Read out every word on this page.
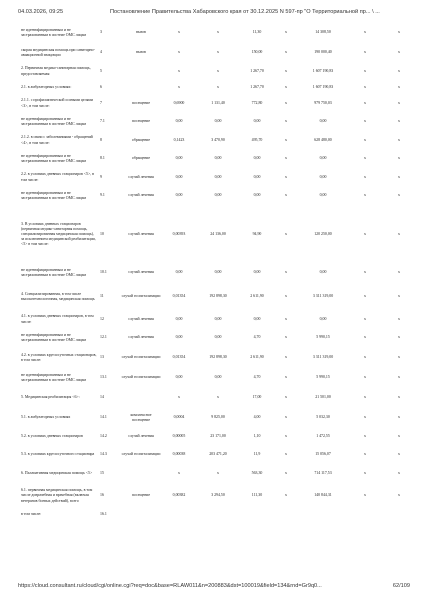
04.03.2026, 09:25	Постановление Правительства Хабаровского края от 30.12.2025 N 597-пр "О Территориальной пр... \ ...
не идентифицированным и не застрахованным в системе ОМС лицам	3	вызов	х	х	11,30	х	14 308,50	х	х
скорая медицинская помощь при санитарно-авиационной эвакуации	4	вызов	х	х	150,00	х	190 000,40	х	х
2. Первичная медико-санитарная помощь, предоставляемая:	5		х	х	1 267,70	х	1 607 190,83	х	х
2.1. в амбулаторных условиях:	6		х	х	1 267,70	х	1 607 190,83	х	х
2.1.1. с профилактической и иными целями <3>, в том числе:	7	посещение	0,6900	1 131,40	772,80	х	979 750,03	х	х
не идентифицированным и не застрахованным в системе ОМС лицам	7.1	посещение	0,00	0,00	0,00	х	0,00	х	х
2.1.2. в связи с заболеваниями - обращений <4>, в том числе:	8	обращение	0,1423	3 470,90	495,70	х	628 480,00	х	х
не идентифицированным и не застрахованным в системе ОМС лицам	8.1	обращение	0,00	0,00	0,00	х	0,00	х	х
2.2. в условиях дневных стационаров <5>, в том числе:	9	случай лечения	0,00	0,00	0,00	х	0,00	х	х
не идентифицированным и не застрахованным в системе ОМС лицам	9.1	случай лечения	0,00	0,00	0,00	х	0,00	х	х
3. В условиях дневных стационаров (первичная медико-санитарная помощь, специализированная медицинская помощь), за исключением медицинской реабилитации, <5> в том числе:	10	случай лечения	0,00393	24 136,00	94,90	х	120 250,00	х	х
не идентифицированным и не застрахованным в системе ОМС лицам	10.1	случай лечения	0,00	0,00	0,00	х	0,00	х	х
4. Специализированная, в том числе высокотехнологичная, медицинская помощь	11	случай госпитализации	0,01354	192 898,30	2 611,90	х	3 311 319,00	х	х
4.1. в условиях дневных стационаров, в том числе:	12	случай лечения	0,00	0,00	0,00	х	0,00	х	х
не идентифицированным и не застрахованным в системе ОМС лицам	12.1	случай лечения	0,00	0,00	4,70	х	5 990,15	х	х
4.2. в условиях круглосуточных стационаров, в том числе:	13	случай госпитализации	0,01354	192 898,30	2 611,90	х	3 311 319,00	х	х
не идентифицированным и не застрахованным в системе ОМС лицам	13.1	случай госпитализации	0,00	0,00	4,70	х	5 990,15	х	х
5. Медицинская реабилитация <6>:	14		х	х	17,00	х	21 501,00	х	х
5.1. в амбулаторных условиях	14.1	комплексное посещение	0,0004	9 825,00	4,00	х	5 032,30	х	х
5.2. в условиях дневных стационаров	14.2	случай лечения	0,00005	23 171,00	1,10	х	1 472,55	х	х
5.3. в условиях круглосуточного стационара	14.3	случай госпитализации	0,00038	203 471,20	11,9	х	15 056,07	х	х
6. Паллиативная медицинская помощь <5>	15		х	х	563,30	х	714 117,53	х	х
6.1. первичная медицинская помощь, в том числе доврачебная и врачебная (включая ветеранов боевых действий), всего	16	посещение	0,00382	3 294,50	111,30	х	140 844,31	х	х
в том числе:	16.1								
https://cloud.consultant.ru/cloud/cgi/online.cgi?req=doc&base=RLAW011&n=200883&dst=100019&field=134&rnd=Gr9q0...	62/109
